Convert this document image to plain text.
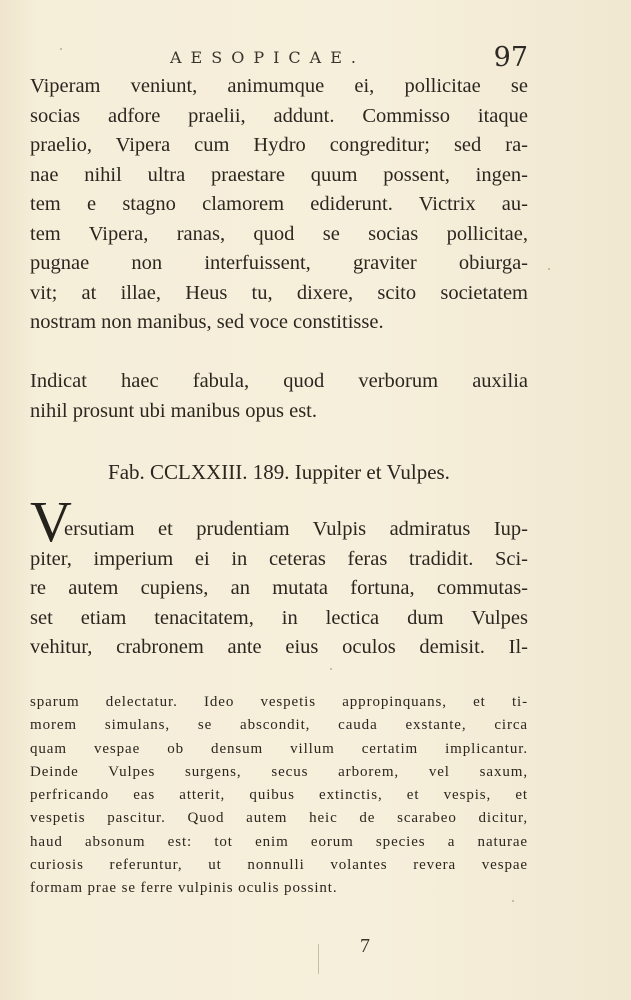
AESOPICAE.	97
Viperam veniunt, animumque ei, pollicitae se
socias adfore praelii, addunt. Commisso itaque
praelio, Vipera cum Hydro congreditur; sed ra-
nae nihil ultra praestare quum possent, ingen-
tem e stagno clamorem ediderunt. Victrix au-
tem Vipera, ranas, quod se socias pollicitae,
pugnae non interfuissent, graviter obiurga-
vit; at illae, Heus tu, dixere, scito societatem
nostram non manibus, sed voce constitisse.
Indicat haec fabula, quod verborum auxilia
nihil prosunt ubi manibus opus est.
Fab. CCLXXIII. 189. Iuppiter et Vulpes.
V
ersutiam et prudentiam Vulpis admiratus Iup-
piter, imperium ei in ceteras feras tradidit. Sci-
re autem cupiens, an mutata fortuna, commutas-
set etiam tenacitatem, in lectica dum Vulpes
vehitur, crabronem ante eius oculos demisit. Il-
sparum delectatur. Ideo vespetis appropinquans, et ti-
morem simulans, se abscondit, cauda exstante, circa
quam vespae ob densum villum certatim implicantur.
Deinde Vulpes surgens, secus arborem, vel saxum,
perfricando eas atterit, quibus extinctis, et vespis, et
vespetis pascitur. Quod autem heic de scarabeo dicitur,
haud absonum est: tot enim eorum species a naturae
curiosis referuntur, ut nonnulli volantes revera vespae
formam prae se ferre vulpinis oculis possint.
7
